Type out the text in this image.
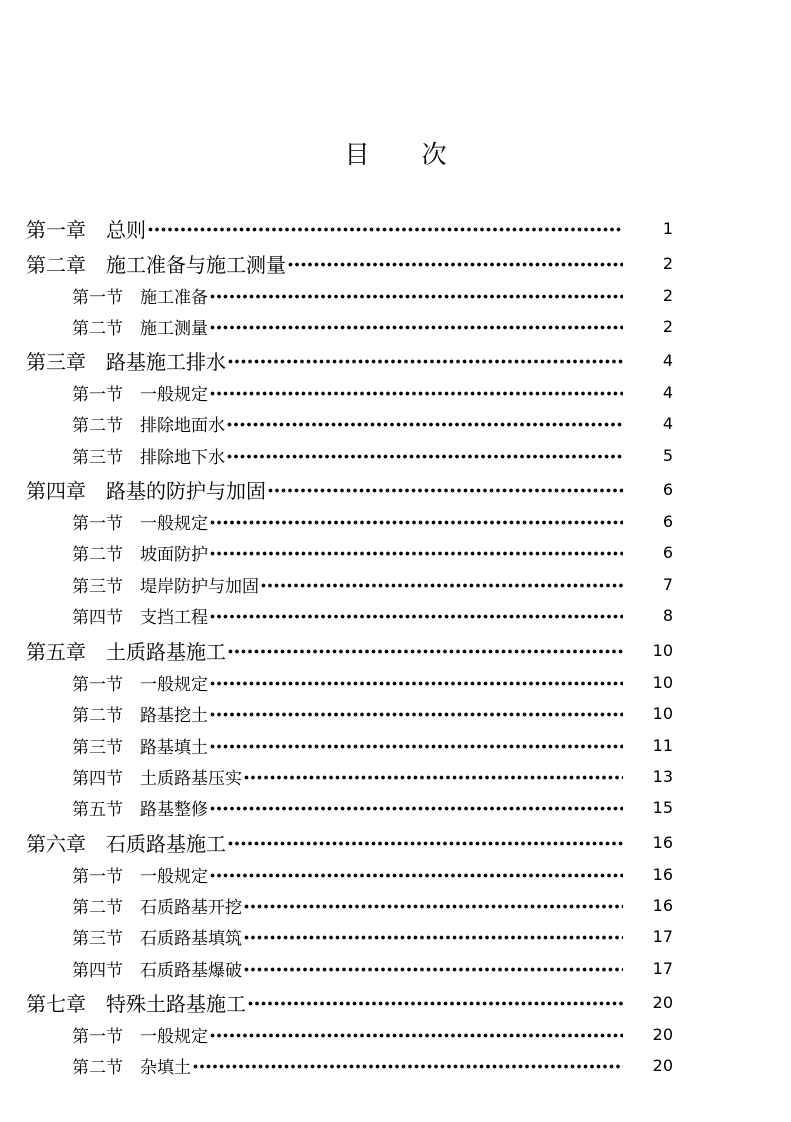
目 次
第一章　总则	1
第二章　施工准备与施工测量	2
第一节　施工准备	2
第二节　施工测量	2
第三章　路基施工排水	4
第一节　一般规定	4
第二节　排除地面水	4
第三节　排除地下水	5
第四章　路基的防护与加固	6
第一节　一般规定	6
第二节　坡面防护	6
第三节　堤岸防护与加固	7
第四节　支挡工程	8
第五章　土质路基施工	10
第一节　一般规定	10
第二节　路基挖土	10
第三节　路基填土	11
第四节　土质路基压实	13
第五节　路基整修	15
第六章　石质路基施工	16
第一节　一般规定	16
第二节　石质路基开挖	16
第三节　石质路基填筑	17
第四节　石质路基爆破	17
第七章　特殊土路基施工	20
第一节　一般规定	20
第二节　杂填土	20
